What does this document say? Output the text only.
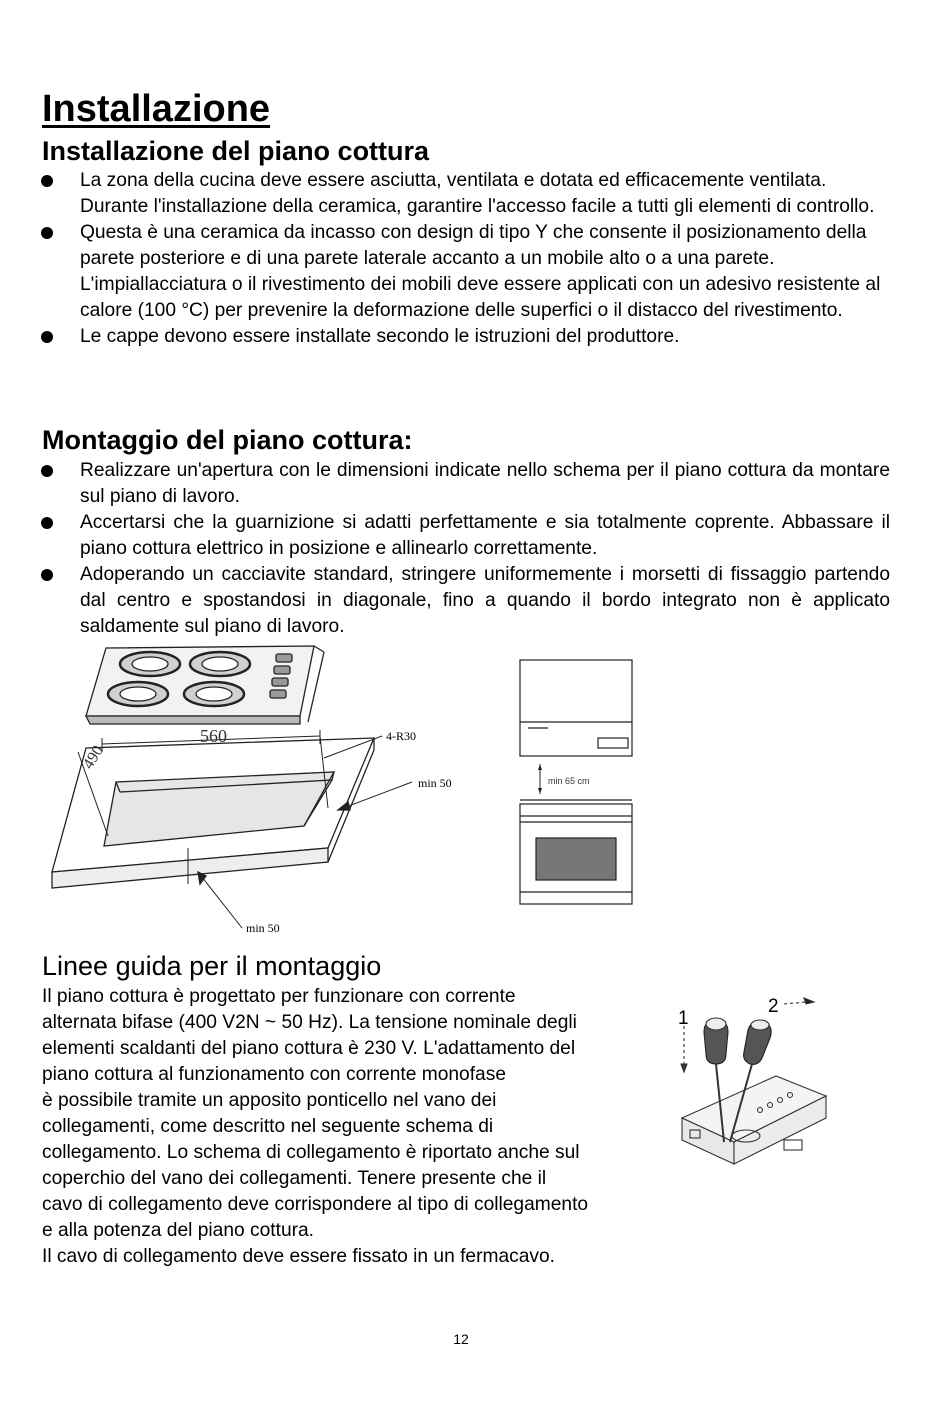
Installazione
Installazione del piano cottura
La zona della cucina deve essere asciutta, ventilata e dotata ed efficacemente ventilata. Durante l'installazione della ceramica, garantire l'accesso facile a tutti gli elementi di controllo.
Questa è una ceramica da incasso con design di tipo Y che consente il posizionamento della parete posteriore e di una parete laterale accanto a un mobile alto o a una parete. L'impiallacciatura o il rivestimento dei mobili deve essere applicati con un adesivo resistente al calore (100 °C) per prevenire la deformazione delle superfici o il distacco del rivestimento.
Le cappe devono essere installate secondo le istruzioni del produttore.
Montaggio del piano cottura:
Realizzare un'apertura con le dimensioni indicate nello schema per il piano cottura da montare sul piano di lavoro.
Accertarsi che la guarnizione si adatti perfettamente e sia totalmente coprente. Abbassare il piano cottura elettrico in posizione e allinearlo correttamente.
Adoperando un cacciavite standard, stringere uniformemente i morsetti di fissaggio partendo dal centro e spostandosi in diagonale, fino a quando il bordo integrato non è applicato saldamente sul piano di lavoro.
560
490
4-R30
min 50
min 50
min 65 cm
Linee guida per il montaggio

Il piano cottura è progettato per funzionare con corrente
alternata bifase (400 V2N ~ 50 Hz). La tensione nominale degli
elementi scaldanti del piano cottura è 230 V. L'adattamento del
piano cottura al funzionamento con corrente monofase
è possibile tramite un apposito ponticello nel vano dei
collegamenti, come descritto nel seguente schema di
collegamento. Lo schema di collegamento è riportato anche sul
coperchio del vano dei collegamenti. Tenere presente che il
cavo di collegamento deve corrispondere al tipo di collegamento
e alla potenza del piano cottura.
Il cavo di collegamento deve essere fissato in un fermacavo.

1
2
12
